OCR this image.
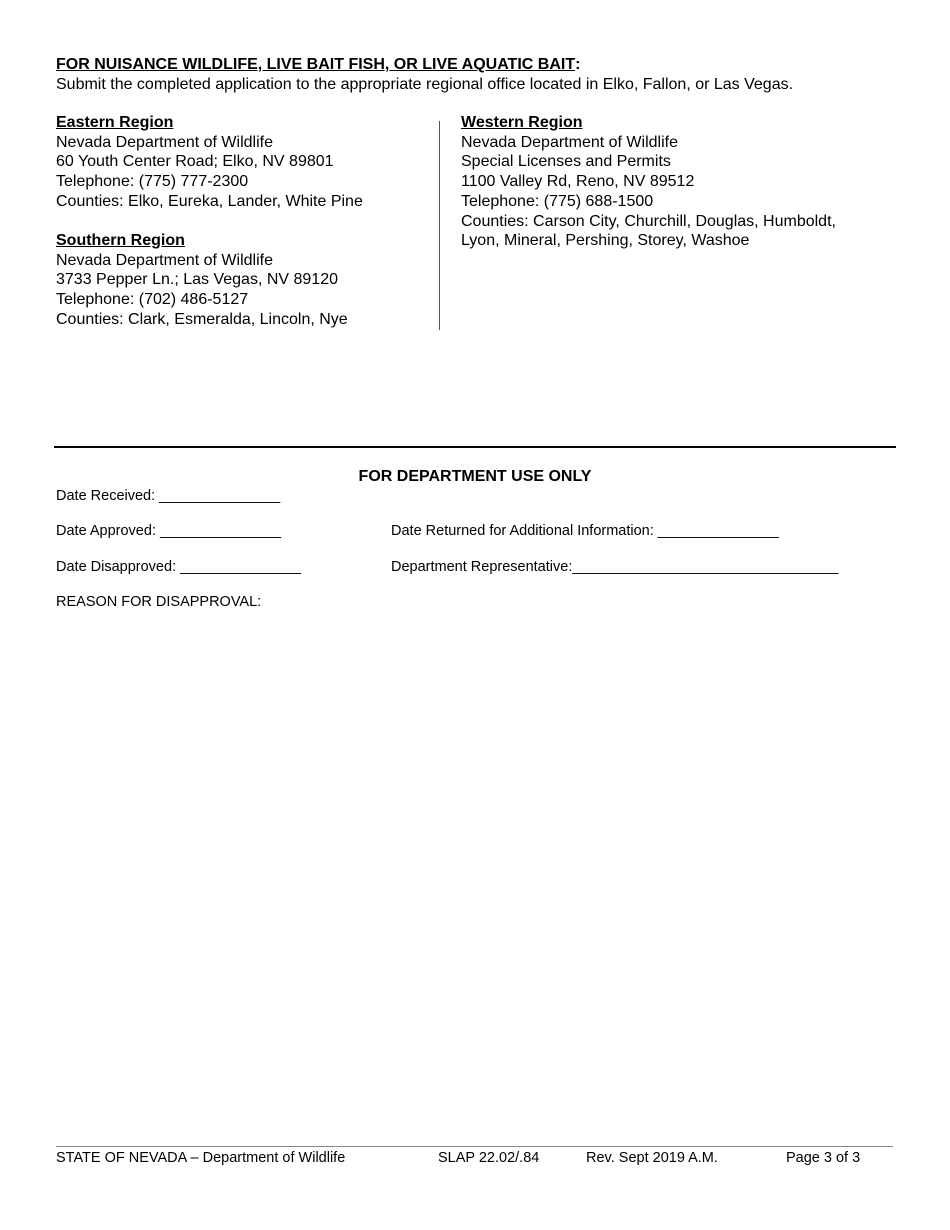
FOR NUISANCE WILDLIFE, LIVE BAIT FISH, OR LIVE AQUATIC BAIT:
Submit the completed application to the appropriate regional office located in Elko, Fallon, or Las Vegas.
Eastern Region
Nevada Department of Wildlife
60 Youth Center Road; Elko, NV 89801
Telephone: (775) 777-2300
Counties: Elko, Eureka, Lander, White Pine
Southern Region
Nevada Department of Wildlife
3733 Pepper Ln.; Las Vegas, NV 89120
Telephone: (702) 486-5127
Counties: Clark, Esmeralda, Lincoln, Nye
Western Region
Nevada Department of Wildlife
Special Licenses and Permits
1100 Valley Rd, Reno, NV 89512
Telephone: (775) 688-1500
Counties: Carson City, Churchill, Douglas, Humboldt,
Lyon, Mineral, Pershing, Storey, Washoe
FOR DEPARTMENT USE ONLY
Date Received: _______________
Date Approved: _______________	Date Returned for Additional Information: _______________
Date Disapproved: _______________	Department Representative:_________________________________
REASON FOR DISAPPROVAL:
STATE OF NEVADA – Department of Wildlife	SLAP 22.02/.84	Rev. Sept 2019 A.M.	Page 3 of 3
